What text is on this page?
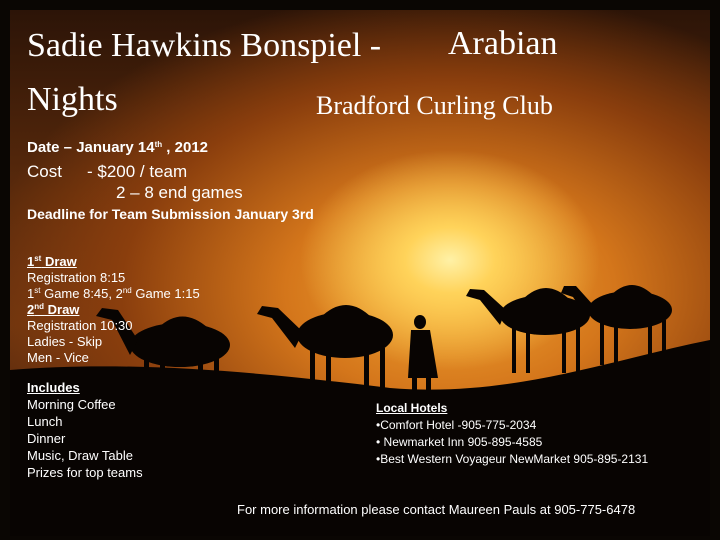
Sadie Hawkins Bonspiel - Arabian
Nights	Bradford Curling Club
Date – January 14th , 2012
Cost - $200 / team
2 – 8 end games
Deadline for Team Submission January 3rd
1st Draw
Registration 8:15
1st Game 8:45, 2nd Game 1:15
2nd Draw
Registration 10:30
Ladies - Skip
Men - Vice
Includes
Morning Coffee
Lunch
Dinner
Music, Draw Table
Prizes for top teams
Local Hotels
•Comfort Hotel -905-775-2034
• Newmarket Inn 905-895-4585
•Best Western Voyageur NewMarket 905-895-2131
For more information please contact Maureen Pauls at 905-775-6478
